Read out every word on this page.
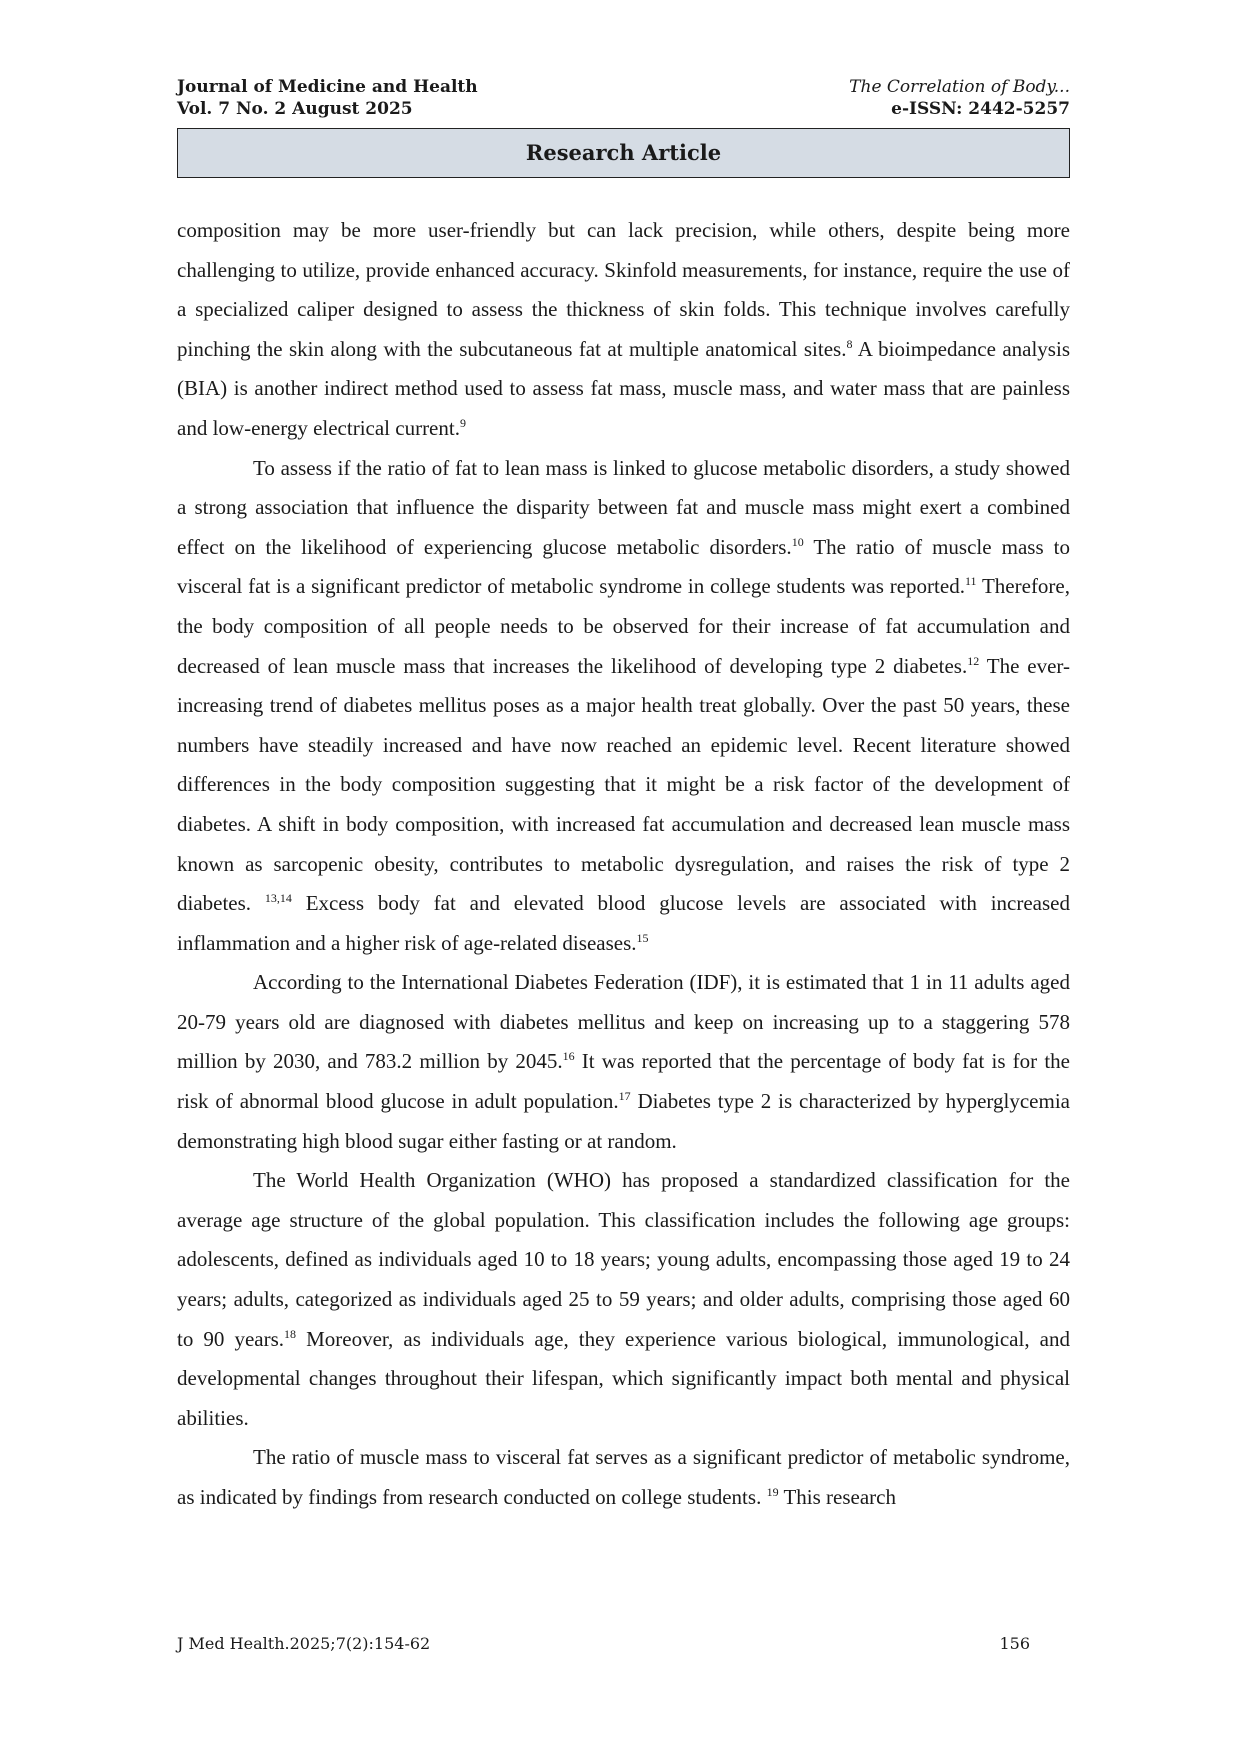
Journal of Medicine and Health	The Correlation of Body...
Vol. 7 No. 2 August 2025	e-ISSN: 2442-5257
Research Article

composition may be more user-friendly but can lack precision, while others, despite being more challenging to utilize, provide enhanced accuracy. Skinfold measurements, for instance, require the use of a specialized caliper designed to assess the thickness of skin folds. This technique involves carefully pinching the skin along with the subcutaneous fat at multiple anatomical sites.$^8$ A bioimpedance analysis (BIA) is another indirect method used to assess fat mass, muscle mass, and water mass that are painless and low-energy electrical current.$^9$

To assess if the ratio of fat to lean mass is linked to glucose metabolic disorders, a study showed a strong association that influence the disparity between fat and muscle mass might exert a combined effect on the likelihood of experiencing glucose metabolic disorders.$^{10}$ The ratio of muscle mass to visceral fat is a significant predictor of metabolic syndrome in college students was reported.$^{11}$ Therefore, the body composition of all people needs to be observed for their increase of fat accumulation and decreased of lean muscle mass that increases the likelihood of developing type 2 diabetes.$^{12}$ The ever-increasing trend of diabetes mellitus poses as a major health treat globally. Over the past 50 years, these numbers have steadily increased and have now reached an epidemic level. Recent literature showed differences in the body composition suggesting that it might be a risk factor of the development of diabetes. A shift in body composition, with increased fat accumulation and decreased lean muscle mass known as sarcopenic obesity, contributes to metabolic dysregulation, and raises the risk of type 2 diabetes. $^{13,14}$ Excess body fat and elevated blood glucose levels are associated with increased inflammation and a higher risk of age-related diseases.$^{15}$

According to the International Diabetes Federation (IDF), it is estimated that 1 in 11 adults aged 20-79 years old are diagnosed with diabetes mellitus and keep on increasing up to a staggering 578 million by 2030, and 783.2 million by 2045.16 It was reported that the percentage of body fat is for the risk of abnormal blood glucose in adult population.$^{17}$ Diabetes type 2 is characterized by hyperglycemia demonstrating high blood sugar either fasting or at random.

The World Health Organization (WHO) has proposed a standardized classification for the average age structure of the global population. This classification includes the following age groups: adolescents, defined as individuals aged 10 to 18 years; young adults, encompassing those aged 19 to 24 years; adults, categorized as individuals aged 25 to 59 years; and older adults, comprising those aged 60 to 90 years.$^{18}$ Moreover, as individuals age, they experience various biological, immunological, and developmental changes throughout their lifespan, which significantly impact both mental and physical abilities.

The ratio of muscle mass to visceral fat serves as a significant predictor of metabolic syndrome, as indicated by findings from research conducted on college students. $^{19}$ This research

J Med Health.2025;7(2):154-62	156
